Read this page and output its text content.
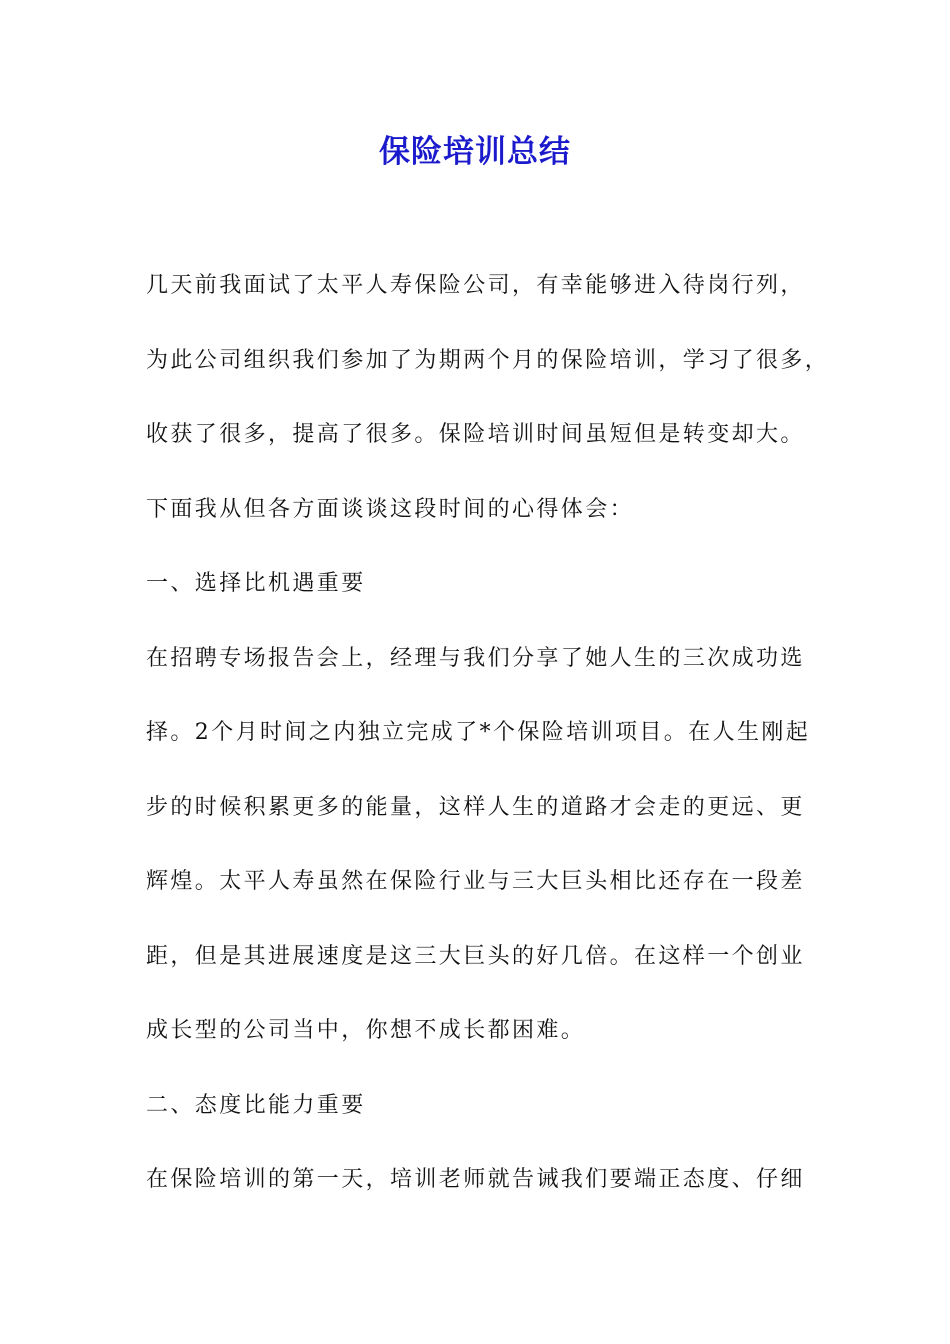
保险培训总结
几天前我面试了太平人寿保险公司，有幸能够进入待岗行列，
为此公司组织我们参加了为期两个月的保险培训，学习了很多，
收获了很多，提高了很多。保险培训时间虽短但是转变却大。
下面我从但各方面谈谈这段时间的心得体会：
一、选择比机遇重要
在招聘专场报告会上，经理与我们分享了她人生的三次成功选
择。2个月时间之内独立完成了*个保险培训项目。在人生刚起
步的时候积累更多的能量，这样人生的道路才会走的更远、更
辉煌。太平人寿虽然在保险行业与三大巨头相比还存在一段差
距，但是其进展速度是这三大巨头的好几倍。在这样一个创业
成长型的公司当中，你想不成长都困难。
二、态度比能力重要
在保险培训的第一天，培训老师就告诫我们要端正态度、仔细
